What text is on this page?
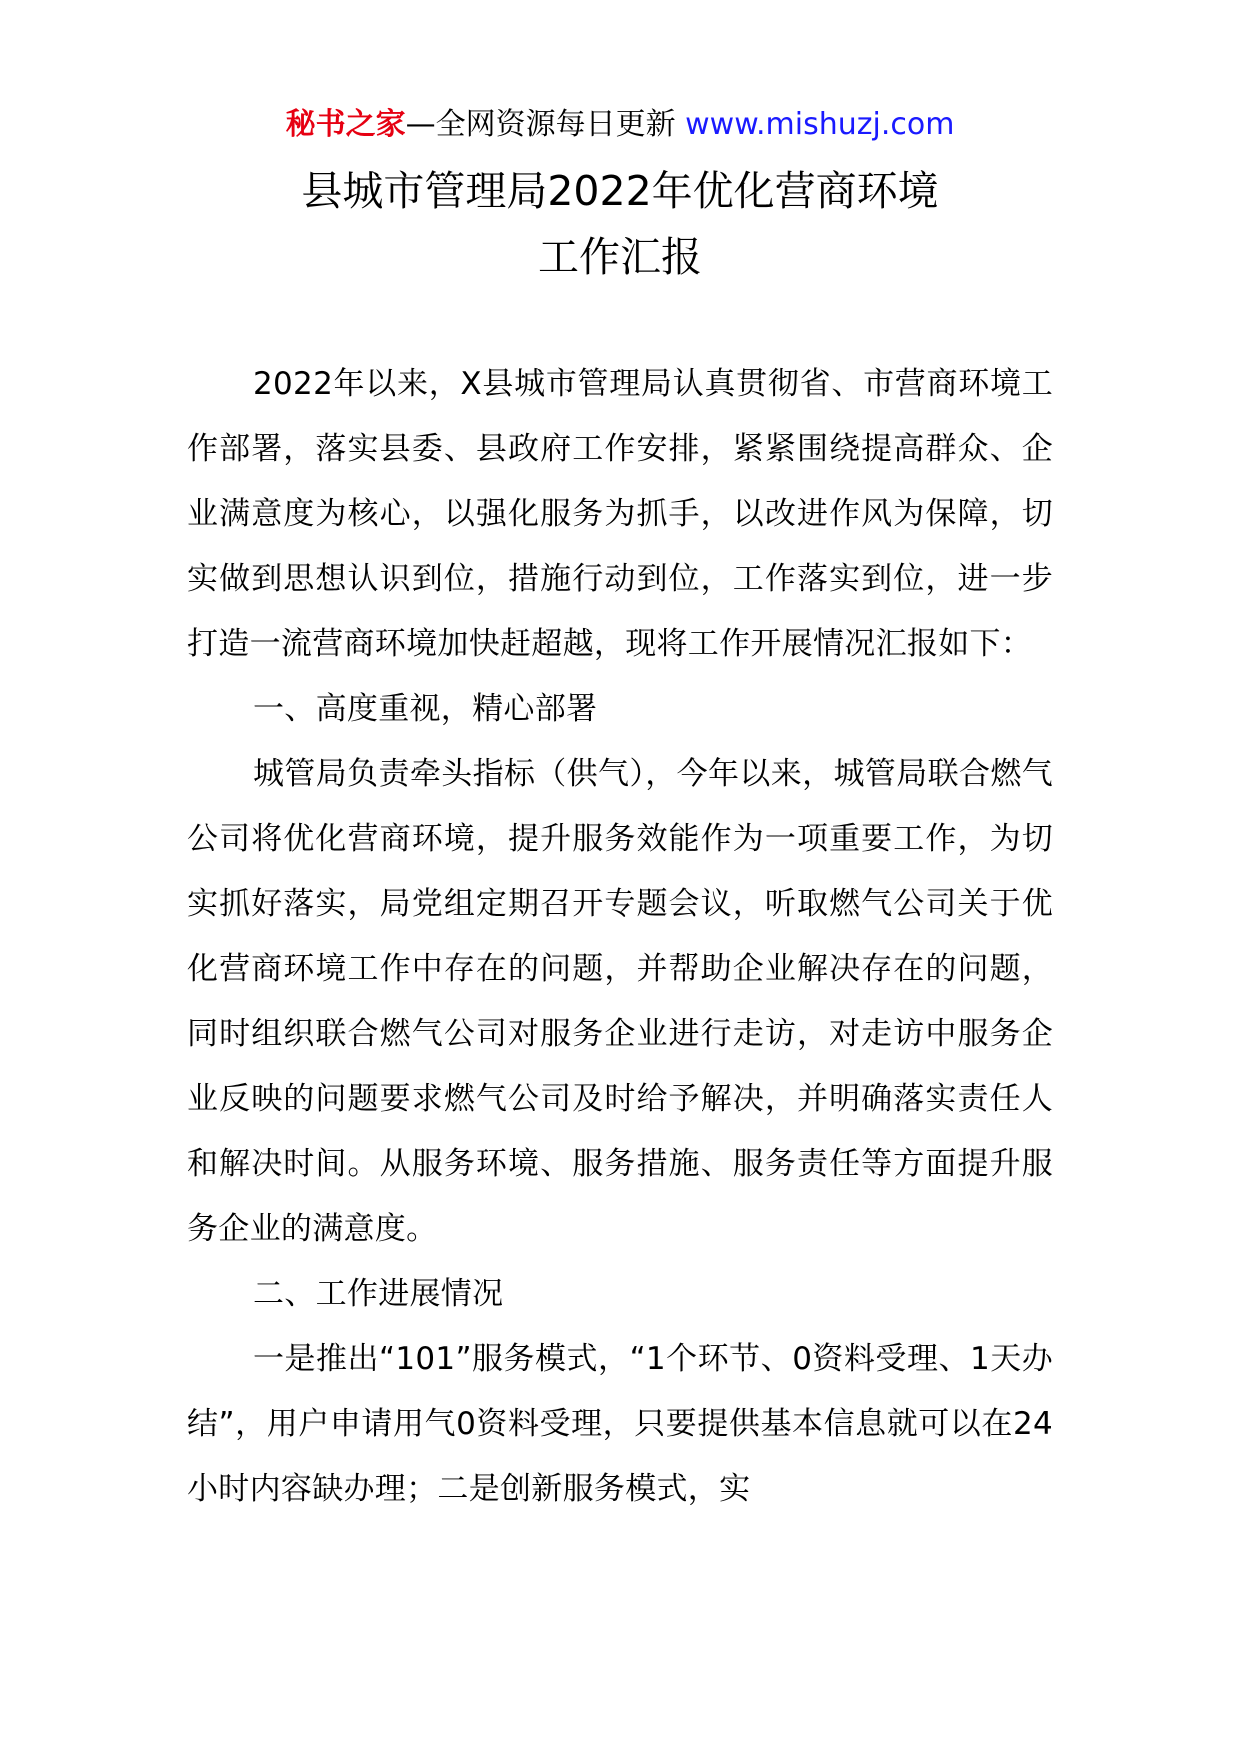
秘书之家—全网资源每日更新 www.mishuzj.com
县城市管理局2022年优化营商环境
工作汇报

2022年以来，X县城市管理局认真贯彻省、市营商环境工作部署，落实县委、县政府工作安排，紧紧围绕提高群众、企业满意度为核心，以强化服务为抓手，以改进作风为保障，切实做到思想认识到位，措施行动到位，工作落实到位，进一步打造一流营商环境加快赶超越，现将工作开展情况汇报如下：

一、高度重视，精心部署

城管局负责牵头指标（供气），今年以来，城管局联合燃气公司将优化营商环境，提升服务效能作为一项重要工作，为切实抓好落实，局党组定期召开专题会议，听取燃气公司关于优化营商环境工作中存在的问题，并帮助企业解决存在的问题，同时组织联合燃气公司对服务企业进行走访，对走访中服务企业反映的问题要求燃气公司及时给予解决，并明确落实责任人和解决时间。从服务环境、服务措施、服务责任等方面提升服务企业的满意度。

二、工作进展情况

一是推出“101”服务模式，“1个环节、0资料受理、1天办结”，用户申请用气0资料受理，只要提供基本信息就可以在24小时内容缺办理；二是创新服务模式，实
